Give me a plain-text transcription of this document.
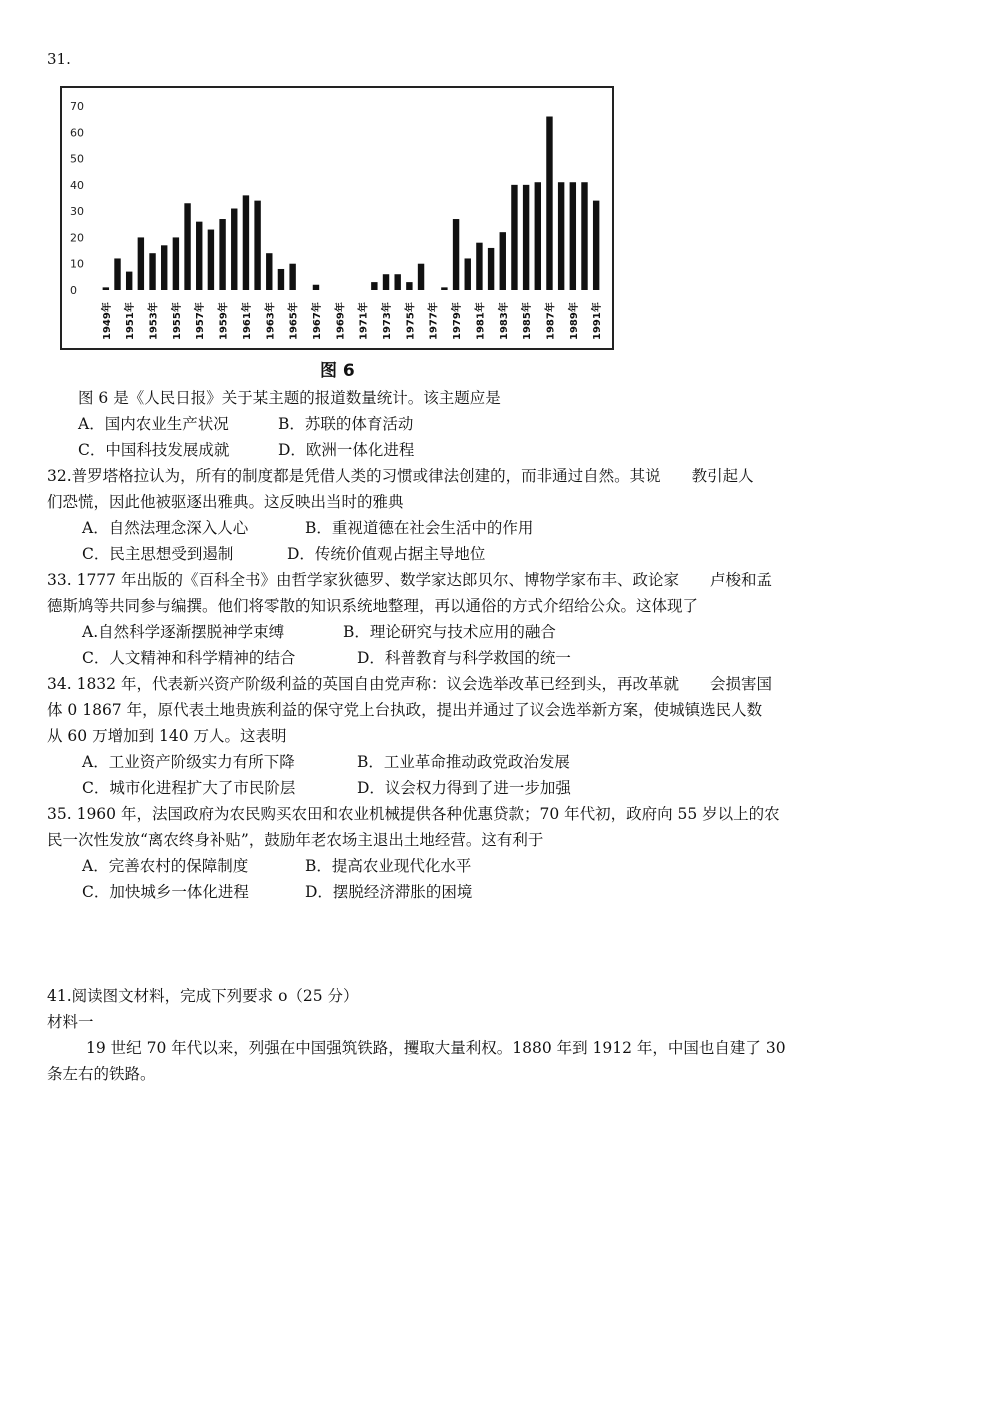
31.
70
60
50
40
30
20
10
0
1949年 1951年 1953年 1955年 1957年 1959年 1961年 1963年 1965年 1967年 1969年 1971年 1973年 1975年 1977年 1979年 1981年 1983年 1985年 1987年 1989年 1991年
图 6
图 6 是《人民日报》关于某主题的报道数量统计。该主题应是
A．国内农业生产状况	B．苏联的体育活动
C．中国科技发展成就	D．欧洲一体化进程
32.普罗塔格拉认为，所有的制度都是凭借人类的习惯或律法创建的，而非通过自然。其说　　教引起人
们恐慌，因此他被驱逐出雅典。这反映出当时的雅典
A．自然法理念深入人心	B．重视道德在社会生活中的作用
C．民主思想受到遏制	D．传统价值观占据主导地位
33. 1777 年出版的《百科全书》由哲学家狄德罗、数学家达郎贝尔、博物学家布丰、政论家　　卢梭和孟
德斯鸠等共同参与编撰。他们将零散的知识系统地整理，再以通俗的方式介绍给公众。这体现了
A.自然科学逐渐摆脱神学束缚	B．理论研究与技术应用的融合
C．人文精神和科学精神的结合	D．科普教育与科学救国的统一
34. 1832 年，代表新兴资产阶级利益的英国自由党声称：议会选举改革已经到头，再改革就　　会损害国
体 0 1867 年，原代表土地贵族利益的保守党上台执政，提出并通过了议会选举新方案，使城镇选民人数
从 60 万增加到 140 万人。这表明
A．工业资产阶级实力有所下降	B．工业革命推动政党政治发展
C．城市化进程扩大了市民阶层	D．议会权力得到了进一步加强
35. 1960 年，法国政府为农民购买农田和农业机械提供各种优惠贷款；70 年代初，政府向 55 岁以上的农
民一次性发放“离农终身补贴”，鼓励年老农场主退出土地经营。这有利于
A．完善农村的保障制度	B．提高农业现代化水平
C．加快城乡一体化进程	D．摆脱经济滞胀的困境
41.阅读图文材料，完成下列要求 o（25 分）
材料一
19 世纪 70 年代以来，列强在中国强筑铁路，攫取大量利权。1880 年到 1912 年，中国也自建了 30
条左右的铁路。
